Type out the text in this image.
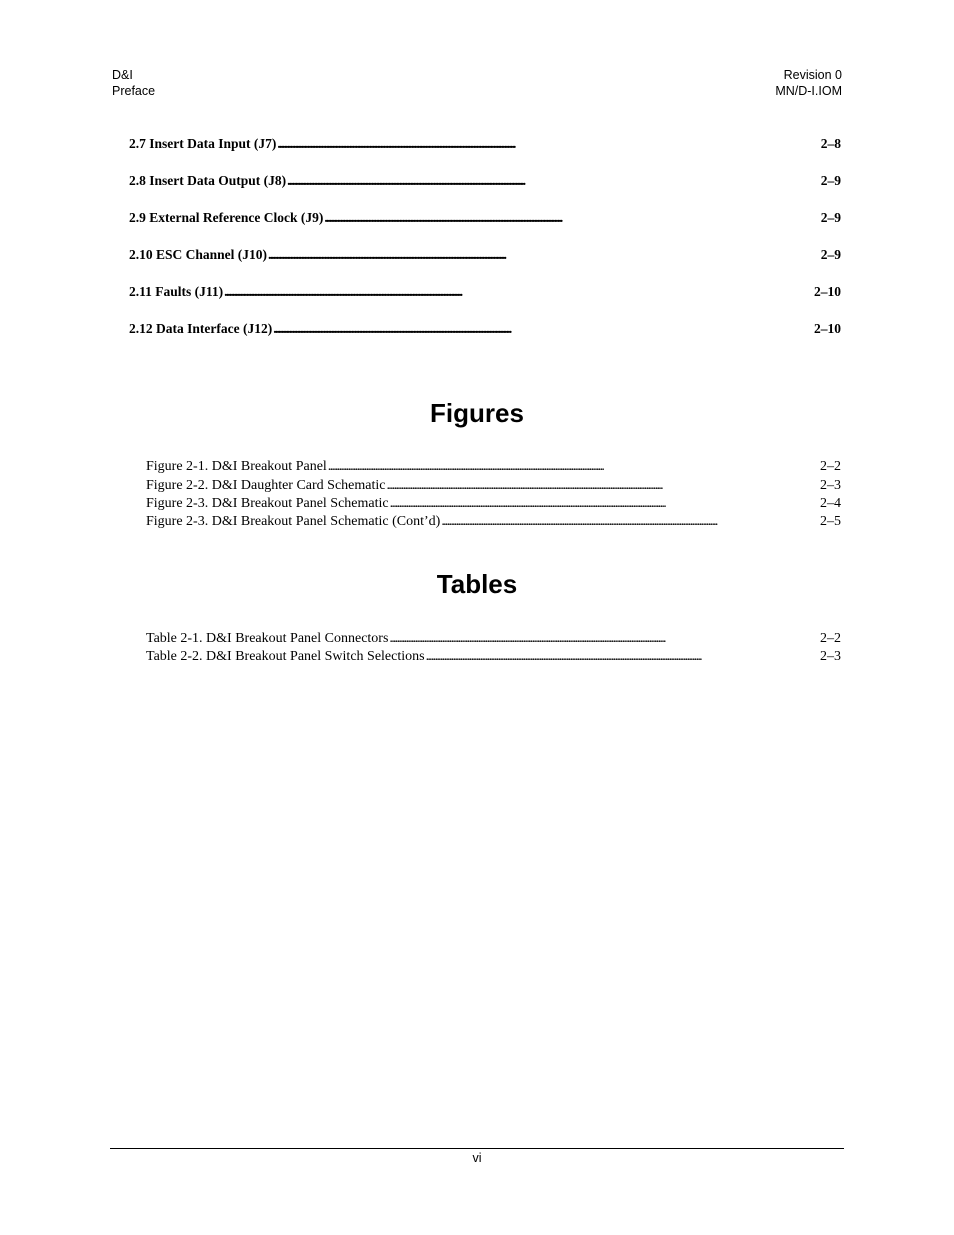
D&I
Preface
Revision 0
MN/D-I.IOM
2.7 Insert Data Input (J7) . . .	2–8
2.8 Insert Data Output (J8) . . .	2–9
2.9 External Reference Clock (J9) . . .	2–9
2.10 ESC Channel (J10) . . .	2–9
2.11 Faults (J11) . . .	2–10
2.12 Data Interface (J12) . . .	2–10
Figures
Figure 2-1. D&I Breakout Panel . . .	2–2
Figure 2-2. D&I Daughter Card Schematic . . .	2–3
Figure 2-3. D&I Breakout Panel Schematic . . .	2–4
Figure 2-3. D&I Breakout Panel Schematic (Cont’d) . . .	2–5
Tables
Table 2-1. D&I Breakout Panel Connectors . . .	2–2
Table 2-2. D&I Breakout Panel Switch Selections . . .	2–3
vi
